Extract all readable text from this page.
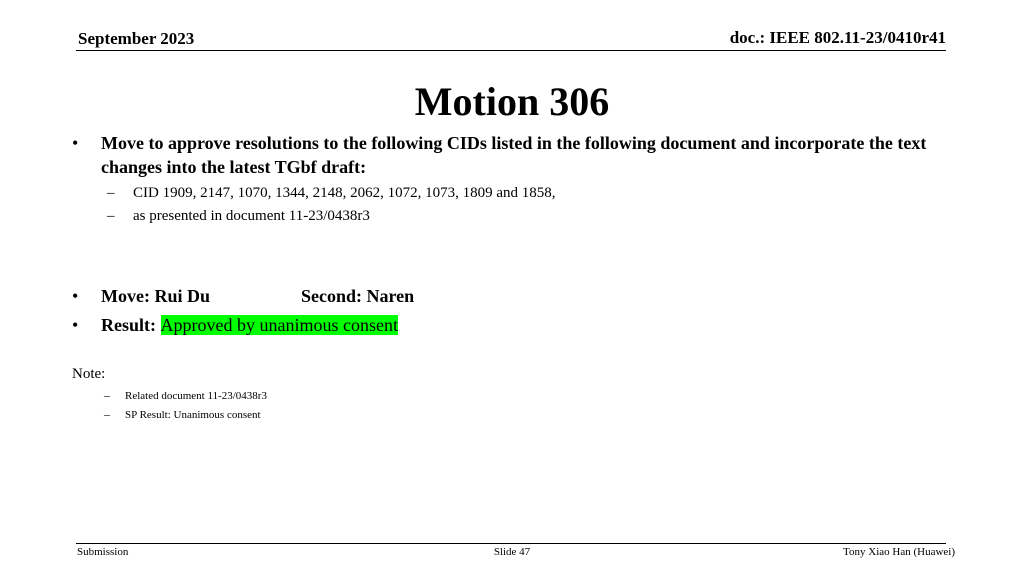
September 2023	doc.: IEEE 802.11-23/0410r41
Motion 306
•	Move to approve resolutions to the following CIDs listed in the following document and incorporate the text changes into the latest TGbf draft:
– CID 1909, 2147, 1070, 1344, 2148, 2062, 1072, 1073, 1809 and 1858,
– as presented in document 11-23/0438r3
• Move: Rui Du	Second: Naren
• Result: Approved by unanimous consent
Note:
– Related document 11-23/0438r3
– SP Result: Unanimous consent
Submission	Slide 47	Tony Xiao Han (Huawei)
